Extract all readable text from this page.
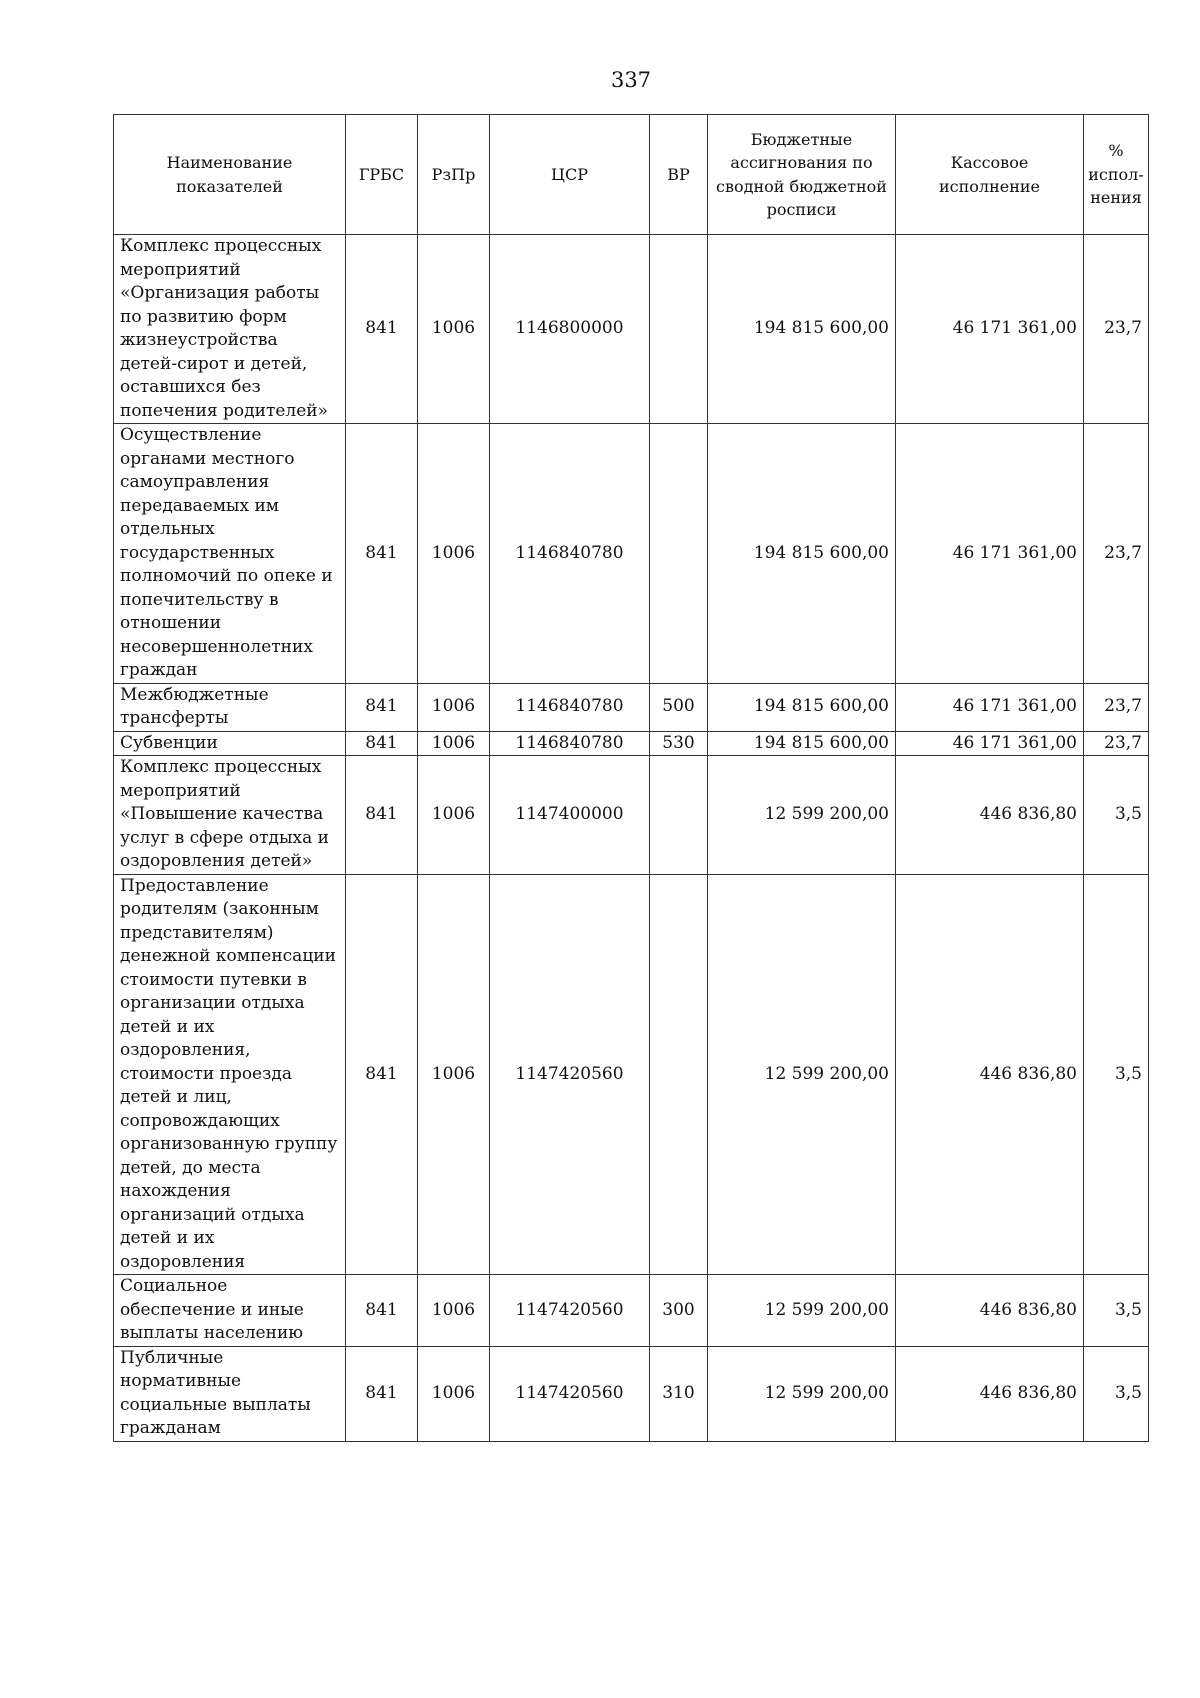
337
Наименование показателей	ГРБС	РзПр	ЦСР	ВР	Бюджетные ассигнования по сводной бюджетной росписи	Кассовое исполнение	% испол-нения
Комплекс процессных мероприятий «Организация работы по развитию форм жизнеустройства детей-сирот и детей, оставшихся без попечения родителей»	841	1006	1146800000		194 815 600,00	46 171 361,00	23,7
Осуществление органами местного самоуправления передаваемых им отдельных государственных полномочий по опеке и попечительству в отношении несовершеннолетних граждан	841	1006	1146840780		194 815 600,00	46 171 361,00	23,7
Межбюджетные трансферты	841	1006	1146840780	500	194 815 600,00	46 171 361,00	23,7
Субвенции	841	1006	1146840780	530	194 815 600,00	46 171 361,00	23,7
Комплекс процессных мероприятий «Повышение качества услуг в сфере отдыха и оздоровления детей»	841	1006	1147400000		12 599 200,00	446 836,80	3,5
Предоставление родителям (законным представителям) денежной компенсации стоимости путевки в организации отдыха детей и их оздоровления, стоимости проезда детей и лиц, сопровождающих организованную группу детей, до места нахождения организаций отдыха детей и их оздоровления	841	1006	1147420560		12 599 200,00	446 836,80	3,5
Социальное обеспечение и иные выплаты населению	841	1006	1147420560	300	12 599 200,00	446 836,80	3,5
Публичные нормативные социальные выплаты гражданам	841	1006	1147420560	310	12 599 200,00	446 836,80	3,5
